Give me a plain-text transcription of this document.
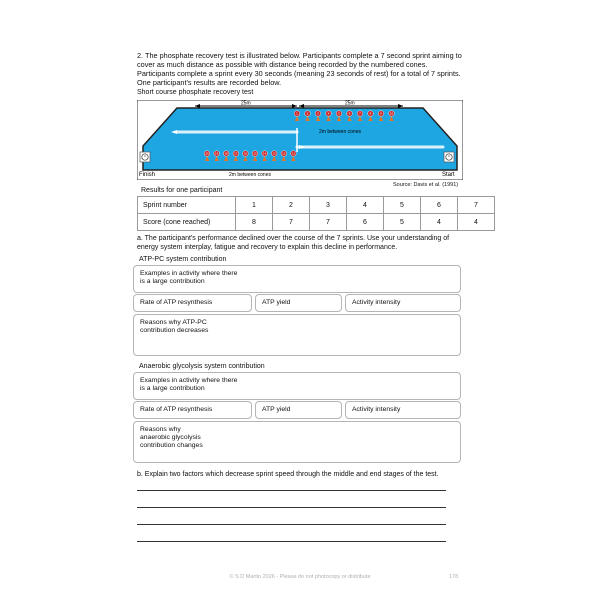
2. The phosphate recovery test is illustrated below. Participants complete a 7 second sprint aiming to cover as much distance as possible with distance being recorded by the numbered cones. Participants complete a sprint every 30 seconds (meaning 23 seconds of rest) for a total of 7 sprints. One participant's results are recorded below.
Short course phosphate recovery test
25m	25m
2m between cones
2m between cones
1	2	3	4	5	6	7	8	9	10
20 19 18 17 16 15 14 13 12 11
Finish	Start
Source: Davis et al. (1991)
Results for one participant
Sprint number	1	2	3	4	5	6	7
Score (cone reached)	8	7	7	6	5	4	4
a. The participant's performance declined over the course of the 7 sprints. Use your understanding of energy system interplay, fatigue and recovery to explain this decline in performance.
ATP-PC system contribution
Examples in activity where there is a large contribution
Rate of ATP resynthesis	ATP yield	Activity intensity
Reasons why ATP-PC contribution decreases
Anaerobic glycolysis system contribution
Examples in activity where there is a large contribution
Rate of ATP resynthesis	ATP yield	Activity intensity
Reasons why anaerobic glycolysis contribution changes
b. Explain two factors which decrease sprint speed through the middle and end stages of the test.
© S D Martin 2026 - Please do not photocopy or distribute	178
